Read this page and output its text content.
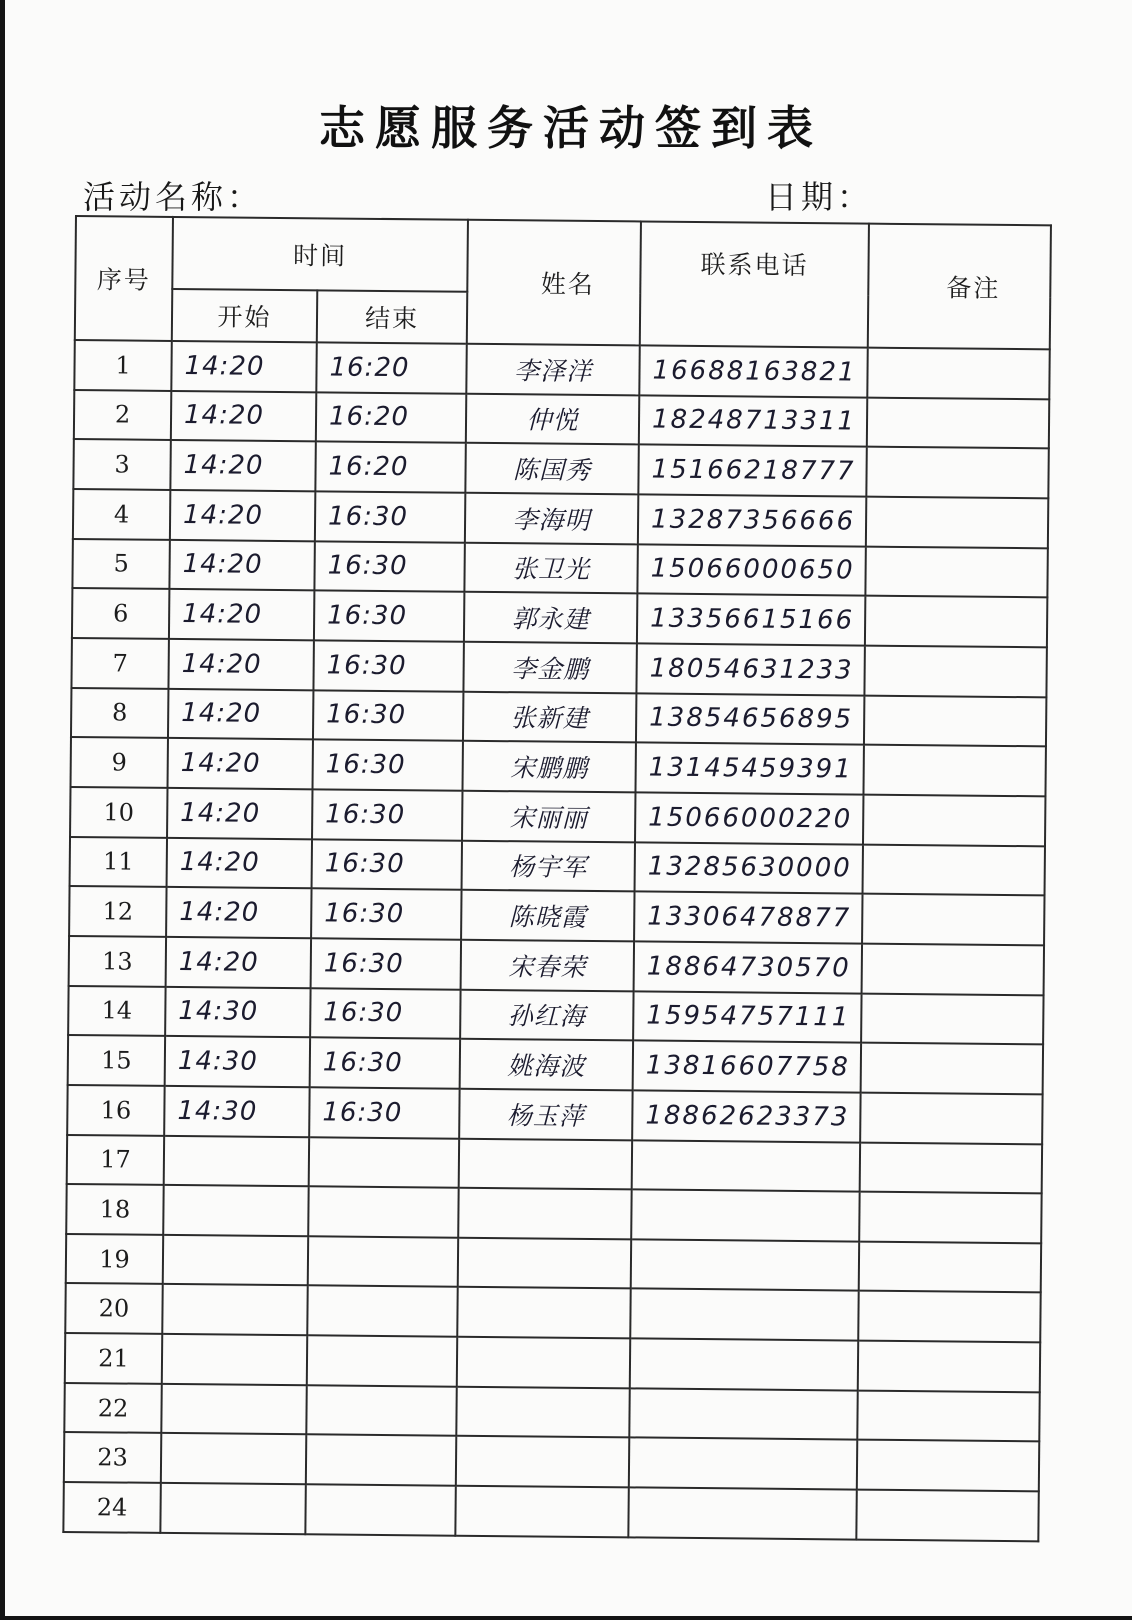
志愿服务活动签到表
活动名称：	日期：
序号	时间		姓名	联系电话	备注
	开始	结束			
1	14:20	16:20	李泽洋	16688163821	
2	14:20	16:20	仲悦	18248713311	
3	14:20	16:20	陈国秀	15166218777	
4	14:20	16:30	李海明	13287356666	
5	14:20	16:30	张卫光	15066000650	
6	14:20	16:30	郭永建	13356615166	
7	14:20	16:30	李金鹏	18054631233	
8	14:20	16:30	张新建	13854656895	
9	14:20	16:30	宋鹏鹏	13145459391	
10	14:20	16:30	宋丽丽	15066000220	
11	14:20	16:30	杨宇军	13285630000	
12	14:20	16:30	陈晓霞	13306478877	
13	14:20	16:30	宋春荣	18864730570	
14	14:30	16:30	孙红海	15954757111	
15	14:30	16:30	姚海波	13816607758	
16	14:30	16:30	杨玉萍	18862623373	
17					
18					
19					
20					
21					
22					
23					
24					
